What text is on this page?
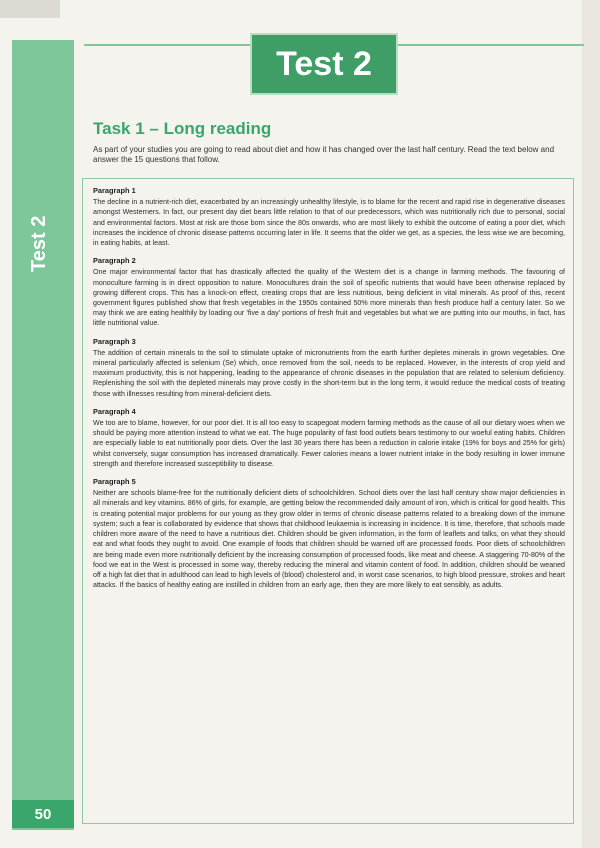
Test 2
50
Test 2
Task 1 – Long reading
As part of your studies you are going to read about diet and how it has changed over the last half century. Read the text below and answer the 15 questions that follow.
Paragraph 1
The decline in a nutrient-rich diet, exacerbated by an increasingly unhealthy lifestyle, is to blame for the recent and rapid rise in degenerative diseases amongst Westerners. In fact, our present day diet bears little relation to that of our predecessors, which was nutritionally rich due to personal, social and environmental factors. Most at risk are those born since the 80s onwards, who are most likely to exhibit the outcome of eating a poor diet, which increases the incidence of chronic disease patterns occurring later in life. It seems that the older we get, as a species, the less wise we are becoming, in eating habits, at least.
Paragraph 2
One major environmental factor that has drastically affected the quality of the Western diet is a change in farming methods. The favouring of monoculture farming is in direct opposition to nature. Monocultures drain the soil of specific nutrients that would have been otherwise replaced by growing different crops. This has a knock-on effect, creating crops that are less nutritious, being deficient in vital minerals. As proof of this, recent government figures published show that fresh vegetables in the 1950s contained 50% more minerals than fresh produce half a century later. So we may think we are eating healthily by loading our 'five a day' portions of fresh fruit and vegetables but what we are putting into our mouths, in fact, has little nutritional value.
Paragraph 3
The addition of certain minerals to the soil to stimulate uptake of micronutrients from the earth further depletes minerals in grown vegetables. One mineral particularly affected is selenium (Se) which, once removed from the soil, needs to be replaced. However, in the interests of crop yield and maximum productivity, this is not happening, leading to the appearance of chronic diseases in the population that are related to selenium deficiency. Replenishing the soil with the depleted minerals may prove costly in the short-term but in the long term, it would reduce the medical costs of treating those with illnesses resulting from mineral-deficient diets.
Paragraph 4
We too are to blame, however, for our poor diet. It is all too easy to scapegoat modern farming methods as the cause of all our dietary woes when we should be paying more attention instead to what we eat. The huge popularity of fast food outlets bears testimony to our woeful eating habits. Children are especially liable to eat nutritionally poor diets. Over the last 30 years there has been a reduction in calorie intake (19% for boys and 25% for girls) whilst conversely, sugar consumption has increased dramatically. Fewer calories means a lower nutrient intake in the body resulting in lower immune strength and therefore increased susceptibility to disease.
Paragraph 5
Neither are schools blame-free for the nutritionally deficient diets of schoolchildren. School diets over the last half century show major deficiencies in all minerals and key vitamins. 86% of girls, for example, are getting below the recommended daily amount of iron, which is critical for good health. This is creating potential major problems for our young as they grow older in terms of chronic disease patterns related to a breaking down of the immune system; such a fear is collaborated by evidence that shows that childhood leukaemia is increasing in incidence. It is time, therefore, that schools made children more aware of the need to have a nutritious diet. Children should be given information, in the form of leaflets and talks, on what they should eat and what foods they ought to avoid. One example of foods that children should be warned off are processed foods. Poor diets of schoolchildren are being made even more nutritionally deficient by the increasing consumption of processed foods, like meat and cheese. A staggering 70-80% of the food we eat in the West is processed in some way, thereby reducing the mineral and vitamin content of food. In addition, children should be weaned off a high fat diet that in adulthood can lead to high levels of (blood) cholesterol and, in worst case scenarios, to high blood pressure, strokes and heart attacks. If the basics of healthy eating are instilled in children from an early age, then they are more likely to eat sensibly, as adults.
